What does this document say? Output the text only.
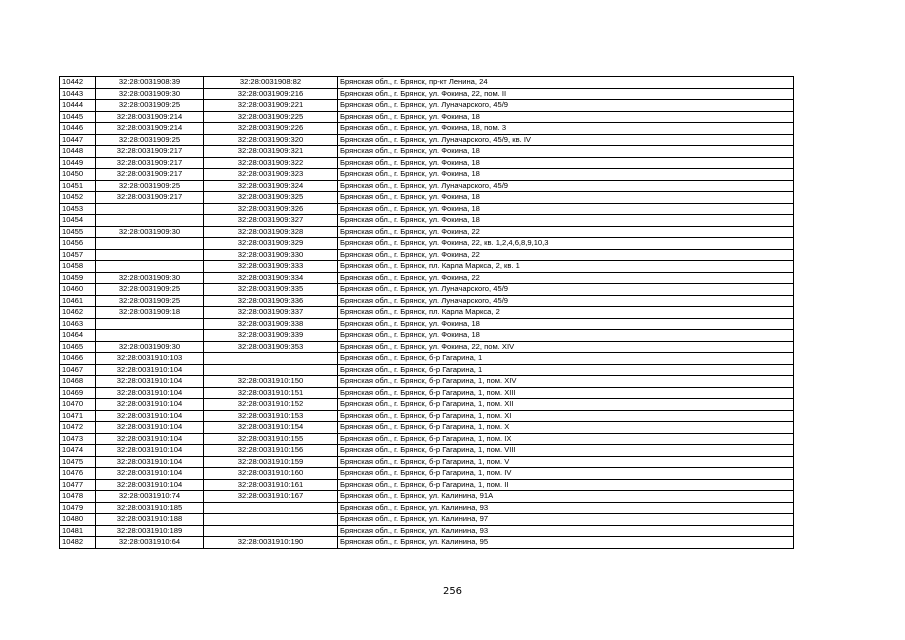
10442	32:28:0031908:39	32:28:0031908:82	Брянская обл., г. Брянск, пр-кт Ленина, 24
10443	32:28:0031909:30	32:28:0031909:216	Брянская обл., г. Брянск, ул. Фокина, 22, пом. II
10444	32:28:0031909:25	32:28:0031909:221	Брянская обл., г. Брянск, ул. Луначарского, 45/9
10445	32:28:0031909:214	32:28:0031909:225	Брянская обл., г. Брянск, ул. Фокина, 18
10446	32:28:0031909:214	32:28:0031909:226	Брянская обл., г. Брянск, ул. Фокина, 18, пом. 3
10447	32:28:0031909:25	32:28:0031909:320	Брянская обл., г. Брянск, ул. Луначарского, 45/9, кв. IV
10448	32:28:0031909:217	32:28:0031909:321	Брянская обл., г. Брянск, ул. Фокина, 18
10449	32:28:0031909:217	32:28:0031909:322	Брянская обл., г. Брянск, ул. Фокина, 18
10450	32:28:0031909:217	32:28:0031909:323	Брянская обл., г. Брянск, ул. Фокина, 18
10451	32:28:0031909:25	32:28:0031909:324	Брянская обл., г. Брянск, ул. Луначарского, 45/9
10452	32:28:0031909:217	32:28:0031909:325	Брянская обл., г. Брянск, ул. Фокина, 18
10453		32:28:0031909:326	Брянская обл., г. Брянск, ул. Фокина, 18
10454		32:28:0031909:327	Брянская обл., г. Брянск, ул. Фокина, 18
10455	32:28:0031909:30	32:28:0031909:328	Брянская обл., г. Брянск, ул. Фокина, 22
10456		32:28:0031909:329	Брянская обл., г. Брянск, ул. Фокина, 22, кв. 1,2,4,6,8,9,10,3
10457		32:28:0031909:330	Брянская обл., г. Брянск, ул. Фокина, 22
10458		32:28:0031909:333	Брянская обл., г. Брянск, пл. Карла Маркса, 2, кв. 1
10459	32:28:0031909:30	32:28:0031909:334	Брянская обл., г. Брянск, ул. Фокина, 22
10460	32:28:0031909:25	32:28:0031909:335	Брянская обл., г. Брянск, ул. Луначарского, 45/9
10461	32:28:0031909:25	32:28:0031909:336	Брянская обл., г. Брянск, ул. Луначарского, 45/9
10462	32:28:0031909:18	32:28:0031909:337	Брянская обл., г. Брянск, пл. Карла Маркса, 2
10463		32:28:0031909:338	Брянская обл., г. Брянск, ул. Фокина, 18
10464		32:28:0031909:339	Брянская обл., г. Брянск, ул. Фокина, 18
10465	32:28:0031909:30	32:28:0031909:353	Брянская обл., г. Брянск, ул. Фокина, 22, пом. XIV
10466	32:28:0031910:103		Брянская обл., г. Брянск, б-р Гагарина, 1
10467	32:28:0031910:104		Брянская обл., г. Брянск, б-р Гагарина, 1
10468	32:28:0031910:104	32:28:0031910:150	Брянская обл., г. Брянск, б-р Гагарина, 1, пом. XIV
10469	32:28:0031910:104	32:28:0031910:151	Брянская обл., г. Брянск, б-р Гагарина, 1, пом. XIII
10470	32:28:0031910:104	32:28:0031910:152	Брянская обл., г. Брянск, б-р Гагарина, 1, пом. XII
10471	32:28:0031910:104	32:28:0031910:153	Брянская обл., г. Брянск, б-р Гагарина, 1, пом. XI
10472	32:28:0031910:104	32:28:0031910:154	Брянская обл., г. Брянск, б-р Гагарина, 1, пом. X
10473	32:28:0031910:104	32:28:0031910:155	Брянская обл., г. Брянск, б-р Гагарина, 1, пом. IX
10474	32:28:0031910:104	32:28:0031910:156	Брянская обл., г. Брянск, б-р Гагарина, 1, пом. VIII
10475	32:28:0031910:104	32:28:0031910:159	Брянская обл., г. Брянск, б-р Гагарина, 1, пом. V
10476	32:28:0031910:104	32:28:0031910:160	Брянская обл., г. Брянск, б-р Гагарина, 1, пом. IV
10477	32:28:0031910:104	32:28:0031910:161	Брянская обл., г. Брянск, б-р Гагарина, 1, пом. II
10478	32:28:0031910:74	32:28:0031910:167	Брянская обл., г. Брянск, ул. Калинина, 91А
10479	32:28:0031910:185		Брянская обл., г. Брянск, ул. Калинина, 93
10480	32:28:0031910:188		Брянская обл., г. Брянск, ул. Калинина, 97
10481	32:28:0031910:189		Брянская обл., г. Брянск, ул. Калинина, 93
10482	32:28:0031910:64	32:28:0031910:190	Брянская обл., г. Брянск, ул. Калинина, 95
256
